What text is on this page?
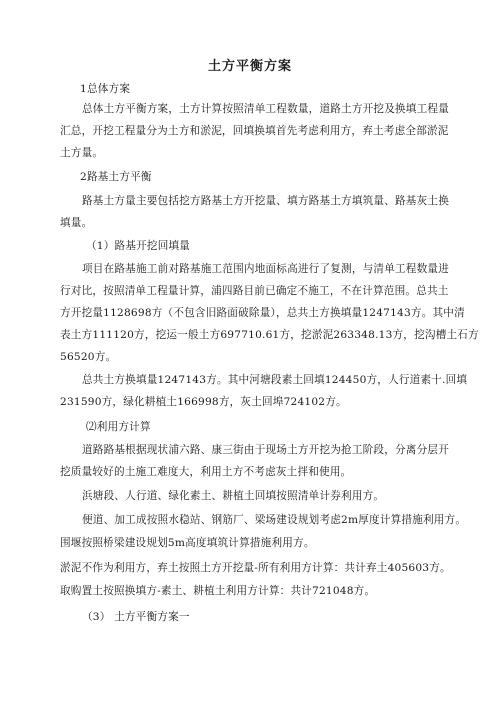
土方平衡方案
1总体方案
总体土方平衡方案，土方计算按照清单工程数量，道路土方开挖及换填工程量
汇总，开挖工程量分为土方和淤泥，回填换填首先考虑利用方，弃土考虑全部淤泥
土方量。
2路基土方平衡
路基土方量主要包括挖方路基土方开挖量、填方路基土方填筑量、路基灰土换
填量。
（1）路基开挖回填量
项目在路基施工前对路基施工范围内地面标高进行了复测，与清单工程数量进
行对比，按照清单工程量计算，浦四路目前已确定不施工，不在计算范围。总共土
方开挖量1128698方（不包含旧路面破除量），总共土方换填量1247143方。其中清
表土方111120方，挖运一般土方697710.61方，挖淤泥263348.13方，挖沟槽土石方
56520方。
总共土方换填量1247143方。其中河塘段素土回填124450方，人行道素十.回填
231590方，绿化耕植土166998方，灰土回埠724102方。
⑵利用方计算
道路路基根据现状浦六路、康三街由于现场土方开挖为抢工阶段，分离分层开
挖质量较好的土施工难度大，利用土方不考虑灰土拌和使用。
浜塘段、人行道、绿化素土、耕植土回填按照清单计券利用方。
便道、加工成按照水稳站、钢筋厂、梁场建设规划考虑2m厚度计算措施利用方。
围堰按照桥梁建设规划5m高度填筑计算措施利用方。
淤泥不作为利用方，弃土按照土方开挖量-所有利用方计算：共计弃土405603方。
取购置土按照换填方-素土、耕植土利用方计算：共计721048方。
（3） 土方平衡方案一
